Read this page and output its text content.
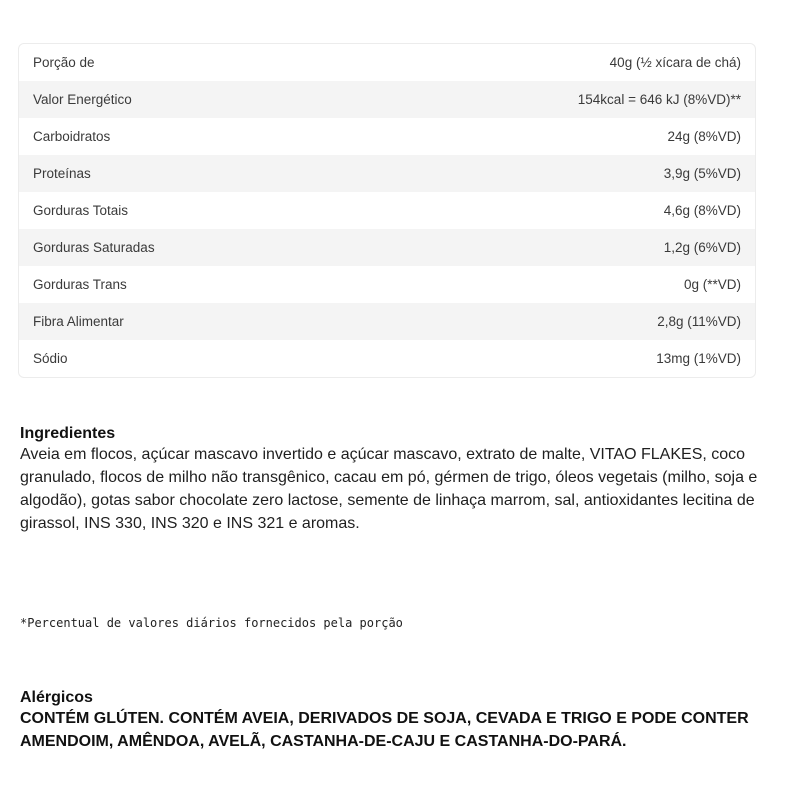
Porção de	40g (½ xícara de chá)
Valor Energético	154kcal = 646 kJ (8%VD)**
Carboidratos	24g (8%VD)
Proteínas	3,9g (5%VD)
Gorduras Totais	4,6g (8%VD)
Gorduras Saturadas	1,2g (6%VD)
Gorduras Trans	0g (**VD)
Fibra Alimentar	2,8g (11%VD)
Sódio	13mg (1%VD)
Ingredientes

Aveia em flocos, açúcar mascavo invertido e açúcar mascavo, extrato de malte, VITAO FLAKES, coco granulado, flocos de milho não transgênico, cacau em pó, gérmen de trigo, óleos vegetais (milho, soja e algodão), gotas sabor chocolate zero lactose, semente de linhaça marrom, sal, antioxidantes lecitina de girassol, INS 330, INS 320 e INS 321 e aromas.

*Percentual de valores diários fornecidos pela porção
Alérgicos

CONTÉM GLÚTEN. CONTÉM AVEIA, DERIVADOS DE SOJA, CEVADA E TRIGO E PODE CONTER AMENDOIM, AMÊNDOA, AVELÃ, CASTANHA-DE-CAJU E CASTANHA-DO-PARÁ.
